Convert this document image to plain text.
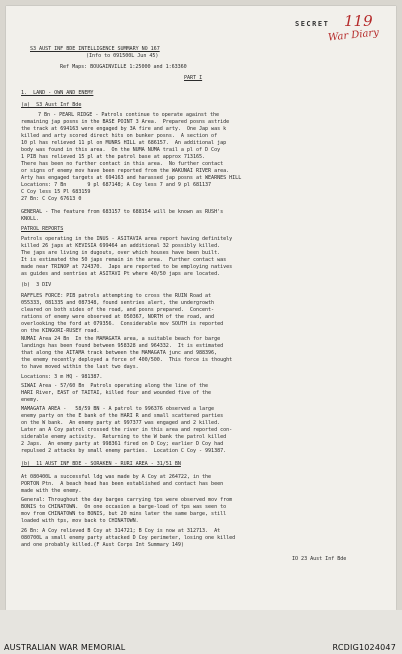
SECRET 119
War Diary
S3 AUST INF BDE INTELLIGENCE SUMMARY NO 167
(Info to 091500L Jun 45)
Ref Maps: BOUGAINVILLE 1:25000 and 1:63360
PART I
1.  LAND - OWN AND ENEMY
(a)  S3 Aust Inf Bde
7 Bn - PEARL RIDGE - Patrols continue to operate against the
remaining jap posns in the BASE POINT 3 Area.  Prepared posns astride
the track at 694163 were engaged by 3A fire and arty.  One Jap was k
killed and arty scored direct hits on bunker posns.  A section of
10 pl has relieved 11 pl on MUNRS HILL at 686157.  An additional jap
body was found in this area.  On the NUMA NUMA trail a pl of D Coy
1 PIB has relieved 15 pl at the patrol base at approx 713165.
There has been no further contact in this area.  No further contact
or signs of enemy mov have been reported from the WAKUNAI RIVER area.
Arty has engaged targets at 694163 and harassed jap posns at WEARNES HILL
Locations: 7 Bn       9 pl 687148; A Coy less 7 and 9 pl 681137
C Coy less 15 Pl 683159
27 Bn: C Coy 67613 0
GENERAL - The feature from 683157 to 688154 will be known as RUSH's
KNOLL.
PATROL REPORTS
Patrols operating in the INUS - ASITAVIA area report having definitely
killed 26 japs at KEVISIA 699464 an additional 32 possibly killed.
The japs are living in dugouts, over which houses have been built.
It is estimated the 50 japs remain in the area.  Further contact was
made near TRINOP at 724370.  Japs are reported to be employing natives
as guides and sentries at ASITAVI Pt where 40/50 japs are located.
(b)  3 DIV
RAFFLES FORCE: PIB patrols attempting to cross the RUIN Road at
055333, 081335 and 087348, found sentries alert, the undergrowth
cleared on both sides of the road, and posns prepared.  Concent-
rations of enemy were observed at 050367, NORTH of the road, and
overlooking the ford at 079356.  Considerable mov SOUTH is reported
on the KINGORI-RUSEY road.
NUMAI Area 24 Bn  In the MAMAGATA area, a suitable beach for barge
landings has been found between 958328 and 964332.  It is estimated
that along the AITAMA track between the MAMAGATA junc and 988396,
the enemy recently deployed a force of 400/500.  This force is thought
to have moved within the last two days.
Locations: 3 m HQ - 981387.
SIWAI Area - 57/60 Bn  Patrols operating along the line of the
HARI River, EAST of TAITAI, killed four and wounded five of the
enemy.
MAMAGATA AREA -   58/59 BN - A patrol to 996376 observed a large
enemy party on the E bank of the HARI R and small scattered parties
on the W bank.  An enemy party at 997377 was engaged and 2 killed.
Later an A Coy patrol crossed the river in this area and reported con-
siderable enemy activity.  Returning to the W bank the patrol killed
2 Japs.  An enemy party at 998361 fired on D Coy; earlier D Coy had
repulsed 2 attacks by small enemy parties.  Location C Coy - 991387.
(b)  11 AUST INF BDE - SORAKEN - RURI AREA - 31/51 BN
At 080400L a successful ldg was made by A Coy at 264722, in the
PORTON Ptn.  A beach head has been established and contact has been
made with the enemy.
General: Throughout the day barges carrying tps were observed mov from
BONIS to CHINATOWN.  On one occasion a barge-load of tps was seen to
mov from CHINATOWN to BONIS, but 20 mins later the same barge, still
loaded with tps, mov back to CHINATOWN.
26 Bn: A Coy relieved B Coy at 314721; B Coy is now at 312713.  At
080700L a small enemy party attacked D Coy perimeter, losing one killed
and one probably killed.(F Aust Corps Int Summary 149)
IO 23 Aust Inf Bde
AUSTRALIAN WAR MEMORIAL	RCDIG1024047
